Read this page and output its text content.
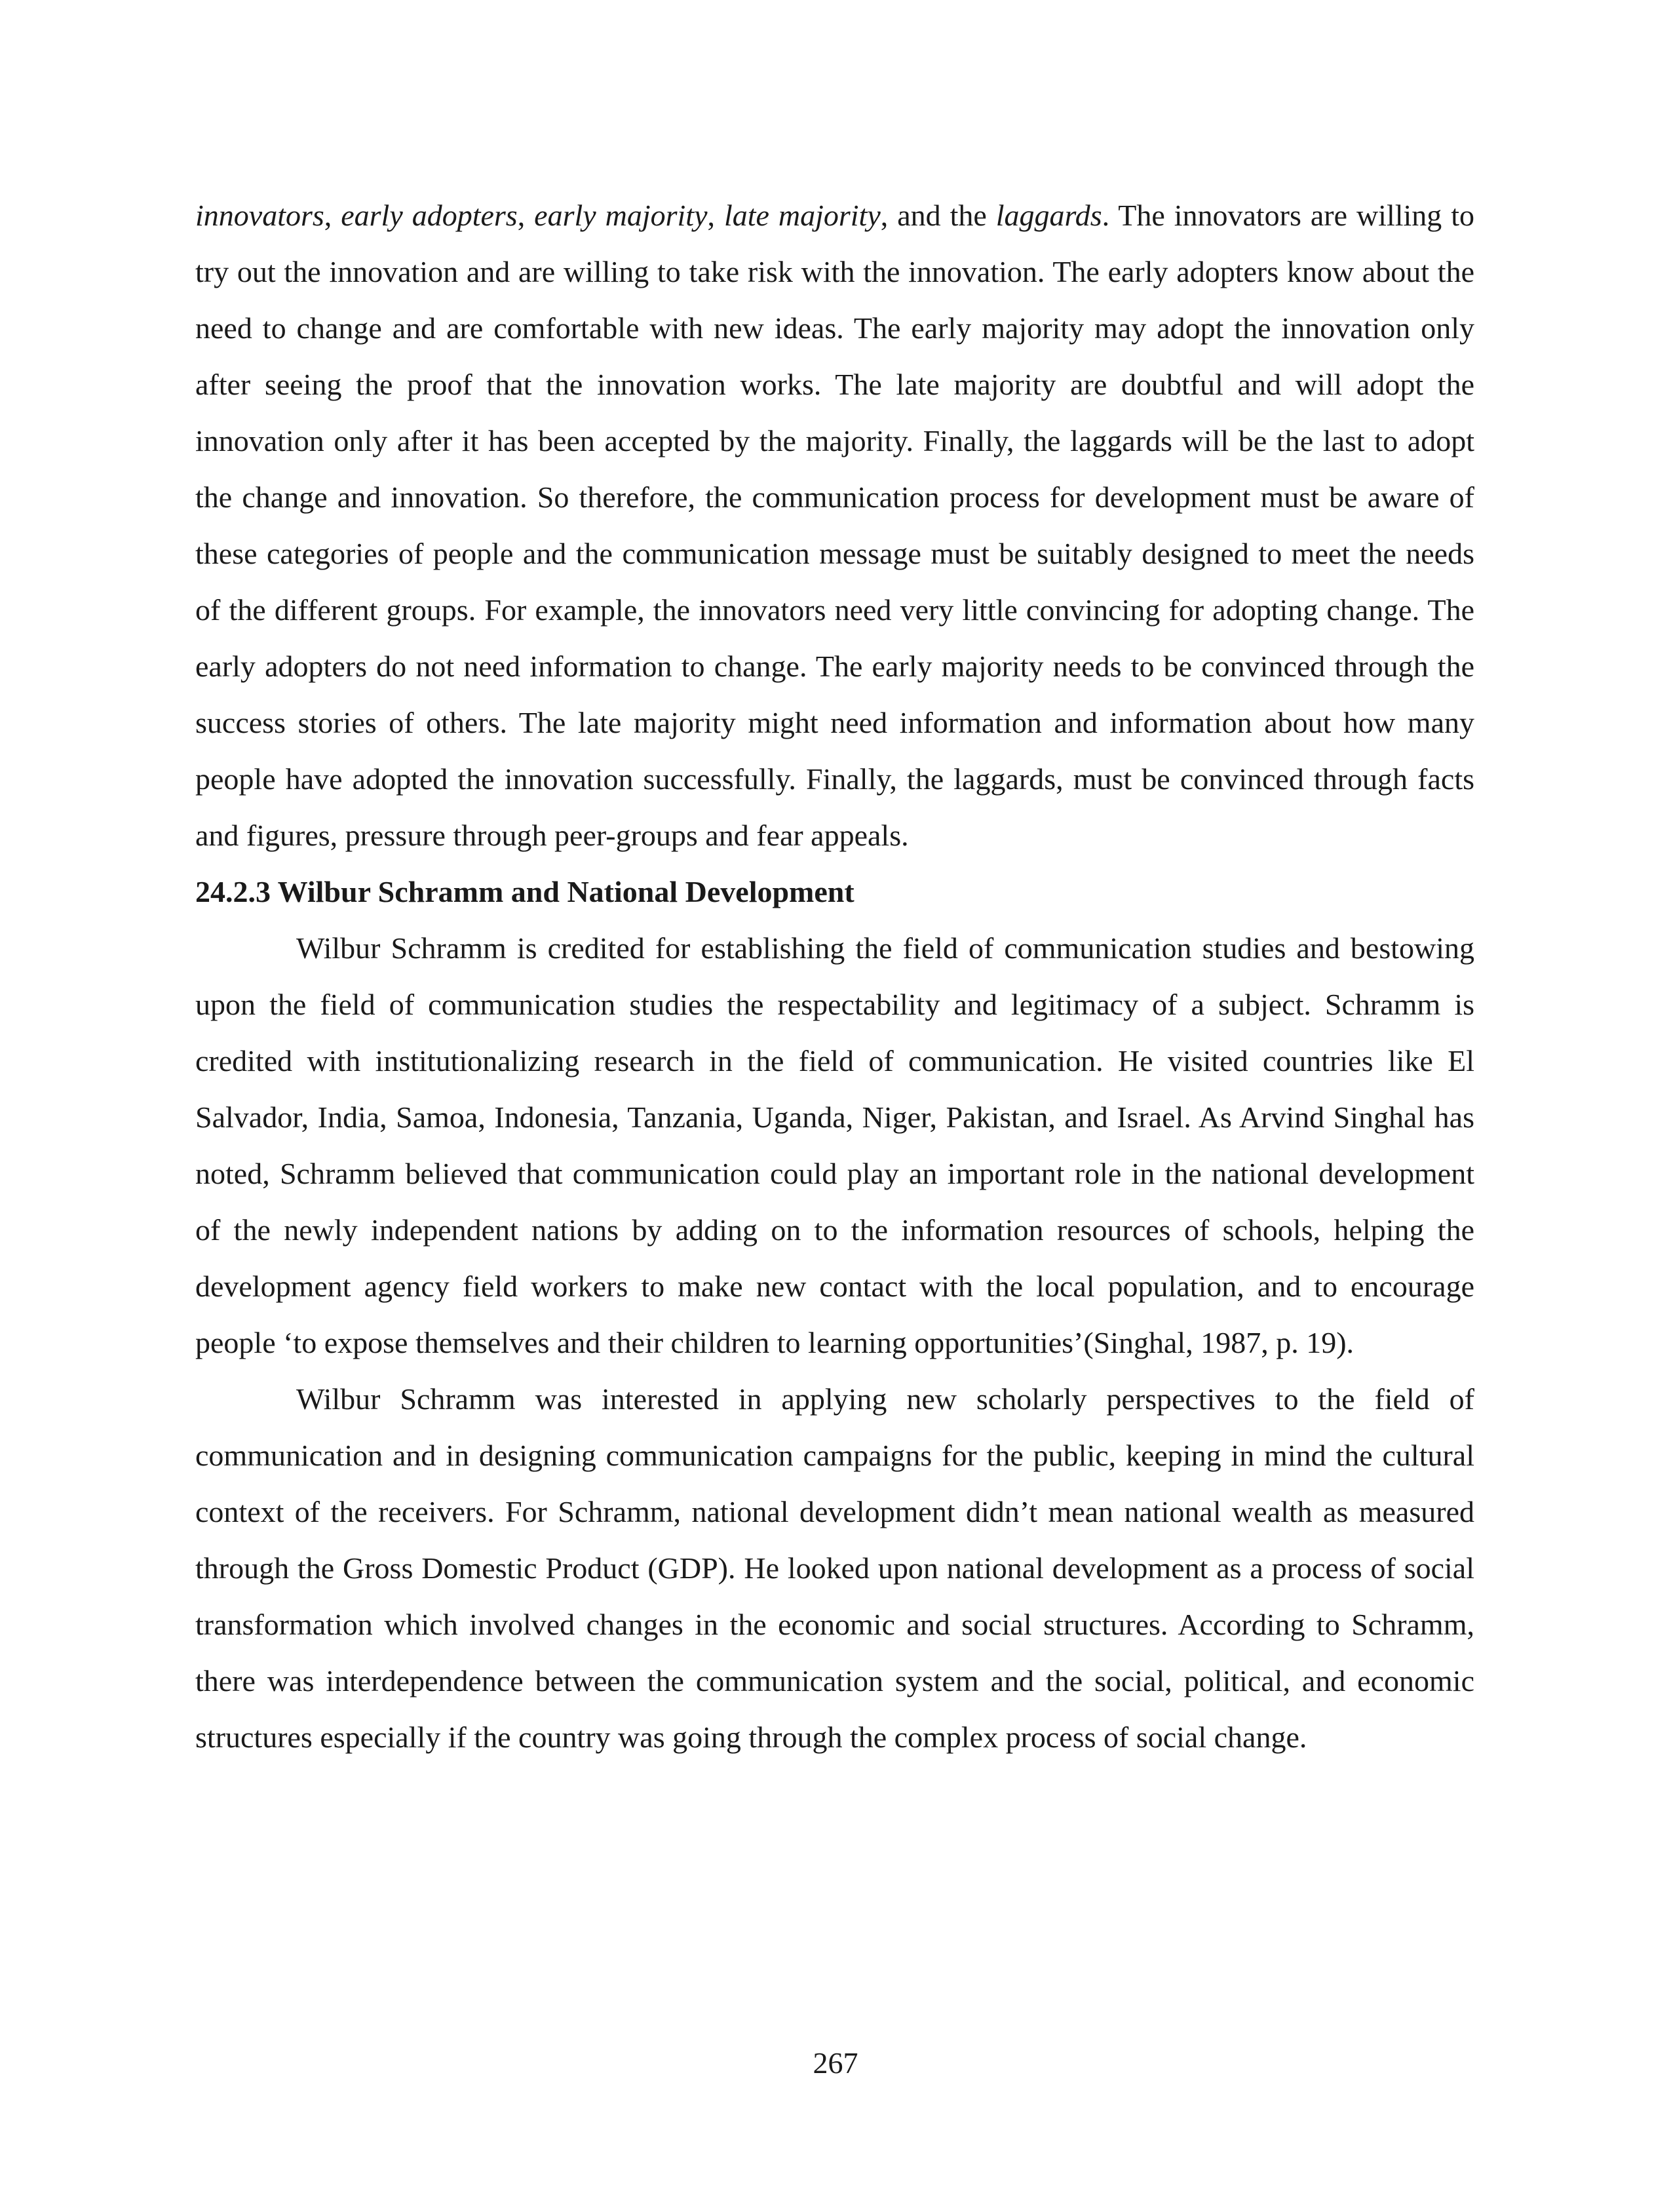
innovators, early adopters, early majority, late majority, and the laggards. The innovators are willing to try out the innovation and are willing to take risk with the innovation. The early adopters know about the need to change and are comfortable with new ideas. The early majority may adopt the innovation only after seeing the proof that the innovation works. The late majority are doubtful and will adopt the innovation only after it has been accepted by the majority. Finally, the laggards will be the last to adopt the change and innovation. So therefore, the communication process for development must be aware of these categories of people and the communication message must be suitably designed to meet the needs of the different groups. For example, the innovators need very little convincing for adopting change. The early adopters do not need information to change. The early majority needs to be convinced through the success stories of others. The late majority might need information and information about how many people have adopted the innovation successfully. Finally, the laggards, must be convinced through facts and figures, pressure through peer-groups and fear appeals.

24.2.3 Wilbur Schramm and National Development

Wilbur Schramm is credited for establishing the field of communication studies and bestowing upon the field of communication studies the respectability and legitimacy of a subject. Schramm is credited with institutionalizing research in the field of communication. He visited countries like El Salvador, India, Samoa, Indonesia, Tanzania, Uganda, Niger, Pakistan, and Israel. As Arvind Singhal has noted, Schramm believed that communication could play an important role in the national development of the newly independent nations by adding on to the information resources of schools, helping the development agency field workers to make new contact with the local population, and to encourage people ‘to expose themselves and their children to learning opportunities’(Singhal, 1987, p. 19).

Wilbur Schramm was interested in applying new scholarly perspectives to the field of communication and in designing communication campaigns for the public, keeping in mind the cultural context of the receivers. For Schramm, national development didn’t mean national wealth as measured through the Gross Domestic Product (GDP). He looked upon national development as a process of social transformation which involved changes in the economic and social structures. According to Schramm, there was interdependence between the communication system and the social, political, and economic structures especially if the country was going through the complex process of social change.

267
